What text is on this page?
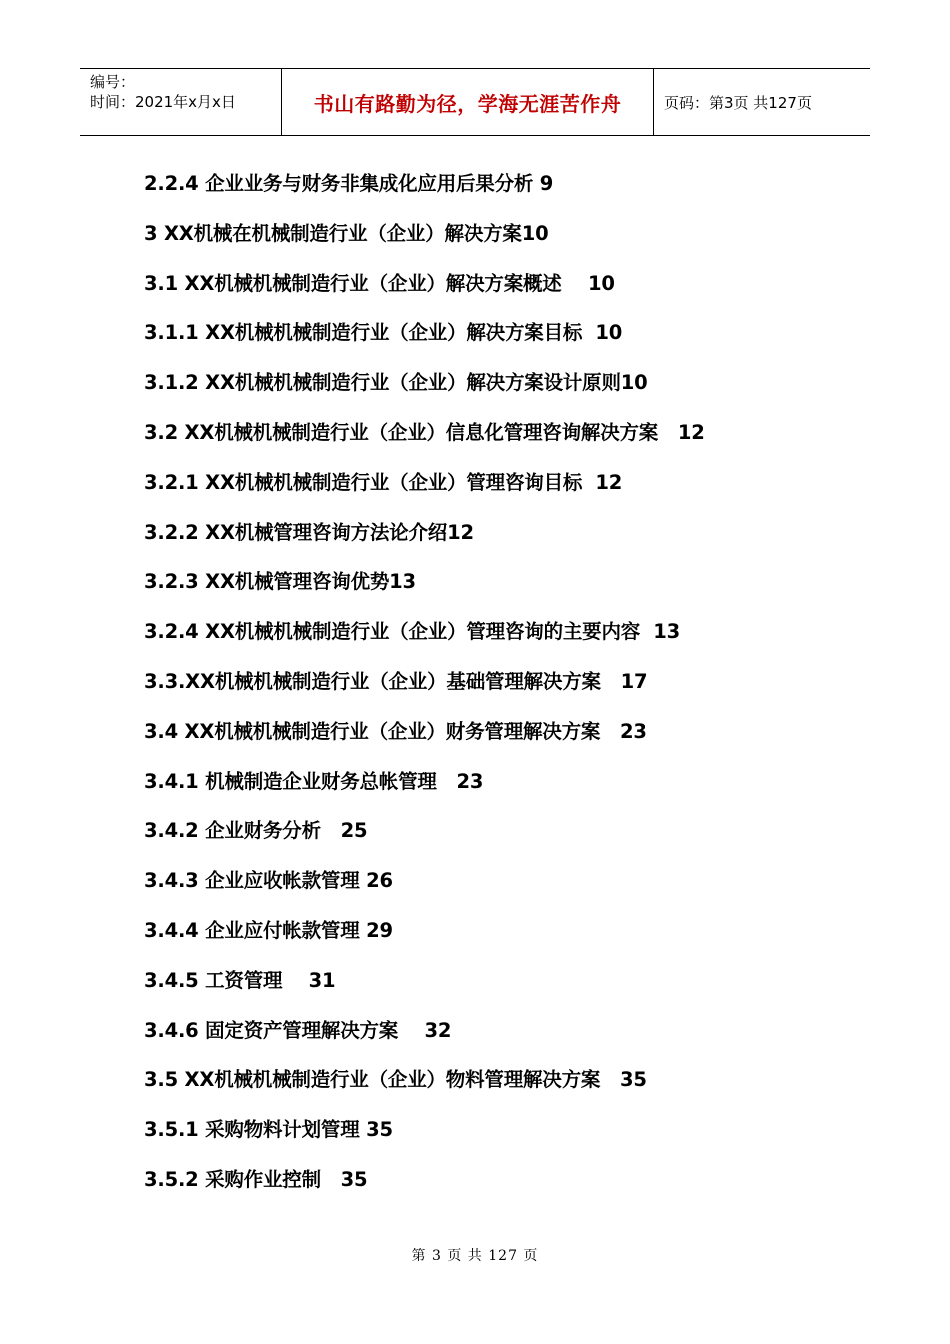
编号：
时间：2021年x月x日	书山有路勤为径，学海无涯苦作舟	页码：第3页 共127页
2.2.4 企业业务与财务非集成化应用后果分析 9
3 XX机械在机械制造行业（企业）解决方案10
3.1 XX机械机械制造行业（企业）解决方案概述    10
3.1.1 XX机械机械制造行业（企业）解决方案目标  10
3.1.2 XX机械机械制造行业（企业）解决方案设计原则10
3.2 XX机械机械制造行业（企业）信息化管理咨询解决方案   12
3.2.1 XX机械机械制造行业（企业）管理咨询目标  12
3.2.2 XX机械管理咨询方法论介绍12
3.2.3 XX机械管理咨询优势13
3.2.4 XX机械机械制造行业（企业）管理咨询的主要内容  13
3.3.XX机械机械制造行业（企业）基础管理解决方案   17
3.4 XX机械机械制造行业（企业）财务管理解决方案   23
3.4.1 机械制造企业财务总帐管理   23
3.4.2 企业财务分析   25
3.4.3 企业应收帐款管理 26
3.4.4 企业应付帐款管理 29
3.4.5 工资管理    31
3.4.6 固定资产管理解决方案    32
3.5 XX机械机械制造行业（企业）物料管理解决方案   35
3.5.1 采购物料计划管理 35
3.5.2 采购作业控制   35
第 3 页 共 127 页
